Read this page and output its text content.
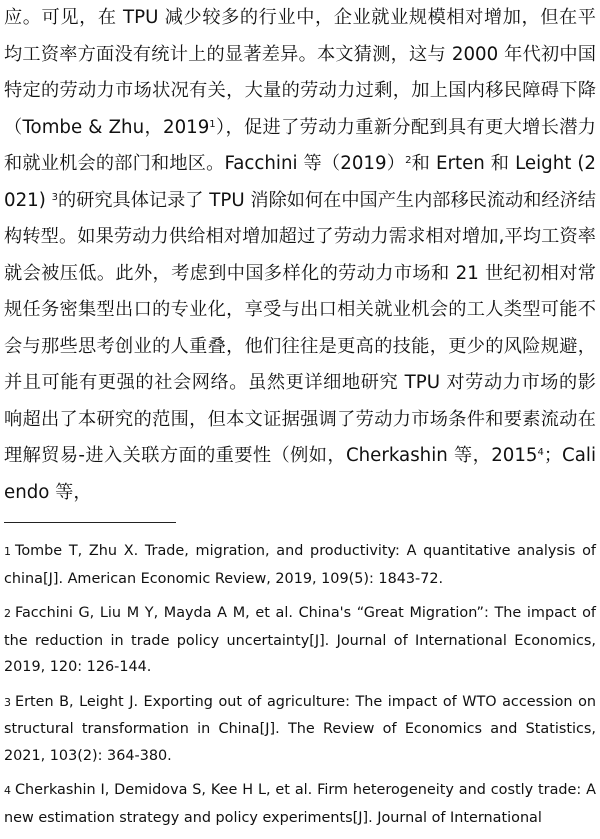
应。可见，在 TPU 减少较多的行业中，企业就业规模相对增加，但在平均工资率方面没有统计上的显著差异。本文猜测，这与 2000 年代初中国特定的劳动力市场状况有关，大量的劳动力过剩，加上国内移民障碍下降（Tombe & Zhu，2019$^1$），促进了劳动力重新分配到具有更大增长潜力和就业机会的部门和地区。Facchini 等$(2019)^2$和 Erten 和 Leight (2021) $^3$的研究具体记录了 TPU 消除如何在中国产生内部移民流动和经济结构转型。如果劳动力供给相对增加超过了劳动力需求相对增加,平均工资率就会被压低。此外，考虑到中国多样化的劳动力市场和 21 世纪初相对常规任务密集型出口的专业化，享受与出口相关就业机会的工人类型可能不会与那些思考创业的人重叠，他们往往是更高的技能，更少的风险规避，并且可能有更强的社会网络。虽然更详细地研究 TPU 对劳动力市场的影响超出了本研究的范围，但本文证据强调了劳动力市场条件和要素流动在理解贸易-进入关联方面的重要性（例如，Cherkashin 等，2015$^4$；Caliendo 等，

1 Tombe T, Zhu X. Trade, migration, and productivity: A quantitative analysis of china[J]. American Economic Review, 2019, 109(5): 1843-72.

2 Facchini G, Liu M Y, Mayda A M, et al. China's “Great Migration”: The impact of the reduction in trade policy uncertainty[J]. Journal of International Economics, 2019, 120: 126-144.

3 Erten B, Leight J. Exporting out of agriculture: The impact of WTO accession on structural transformation in China[J]. The Review of Economics and Statistics, 2021, 103(2): 364-380.

4 Cherkashin I, Demidova S, Kee H L, et al. Firm heterogeneity and costly trade: A new estimation strategy and policy experiments[J]. Journal of International
